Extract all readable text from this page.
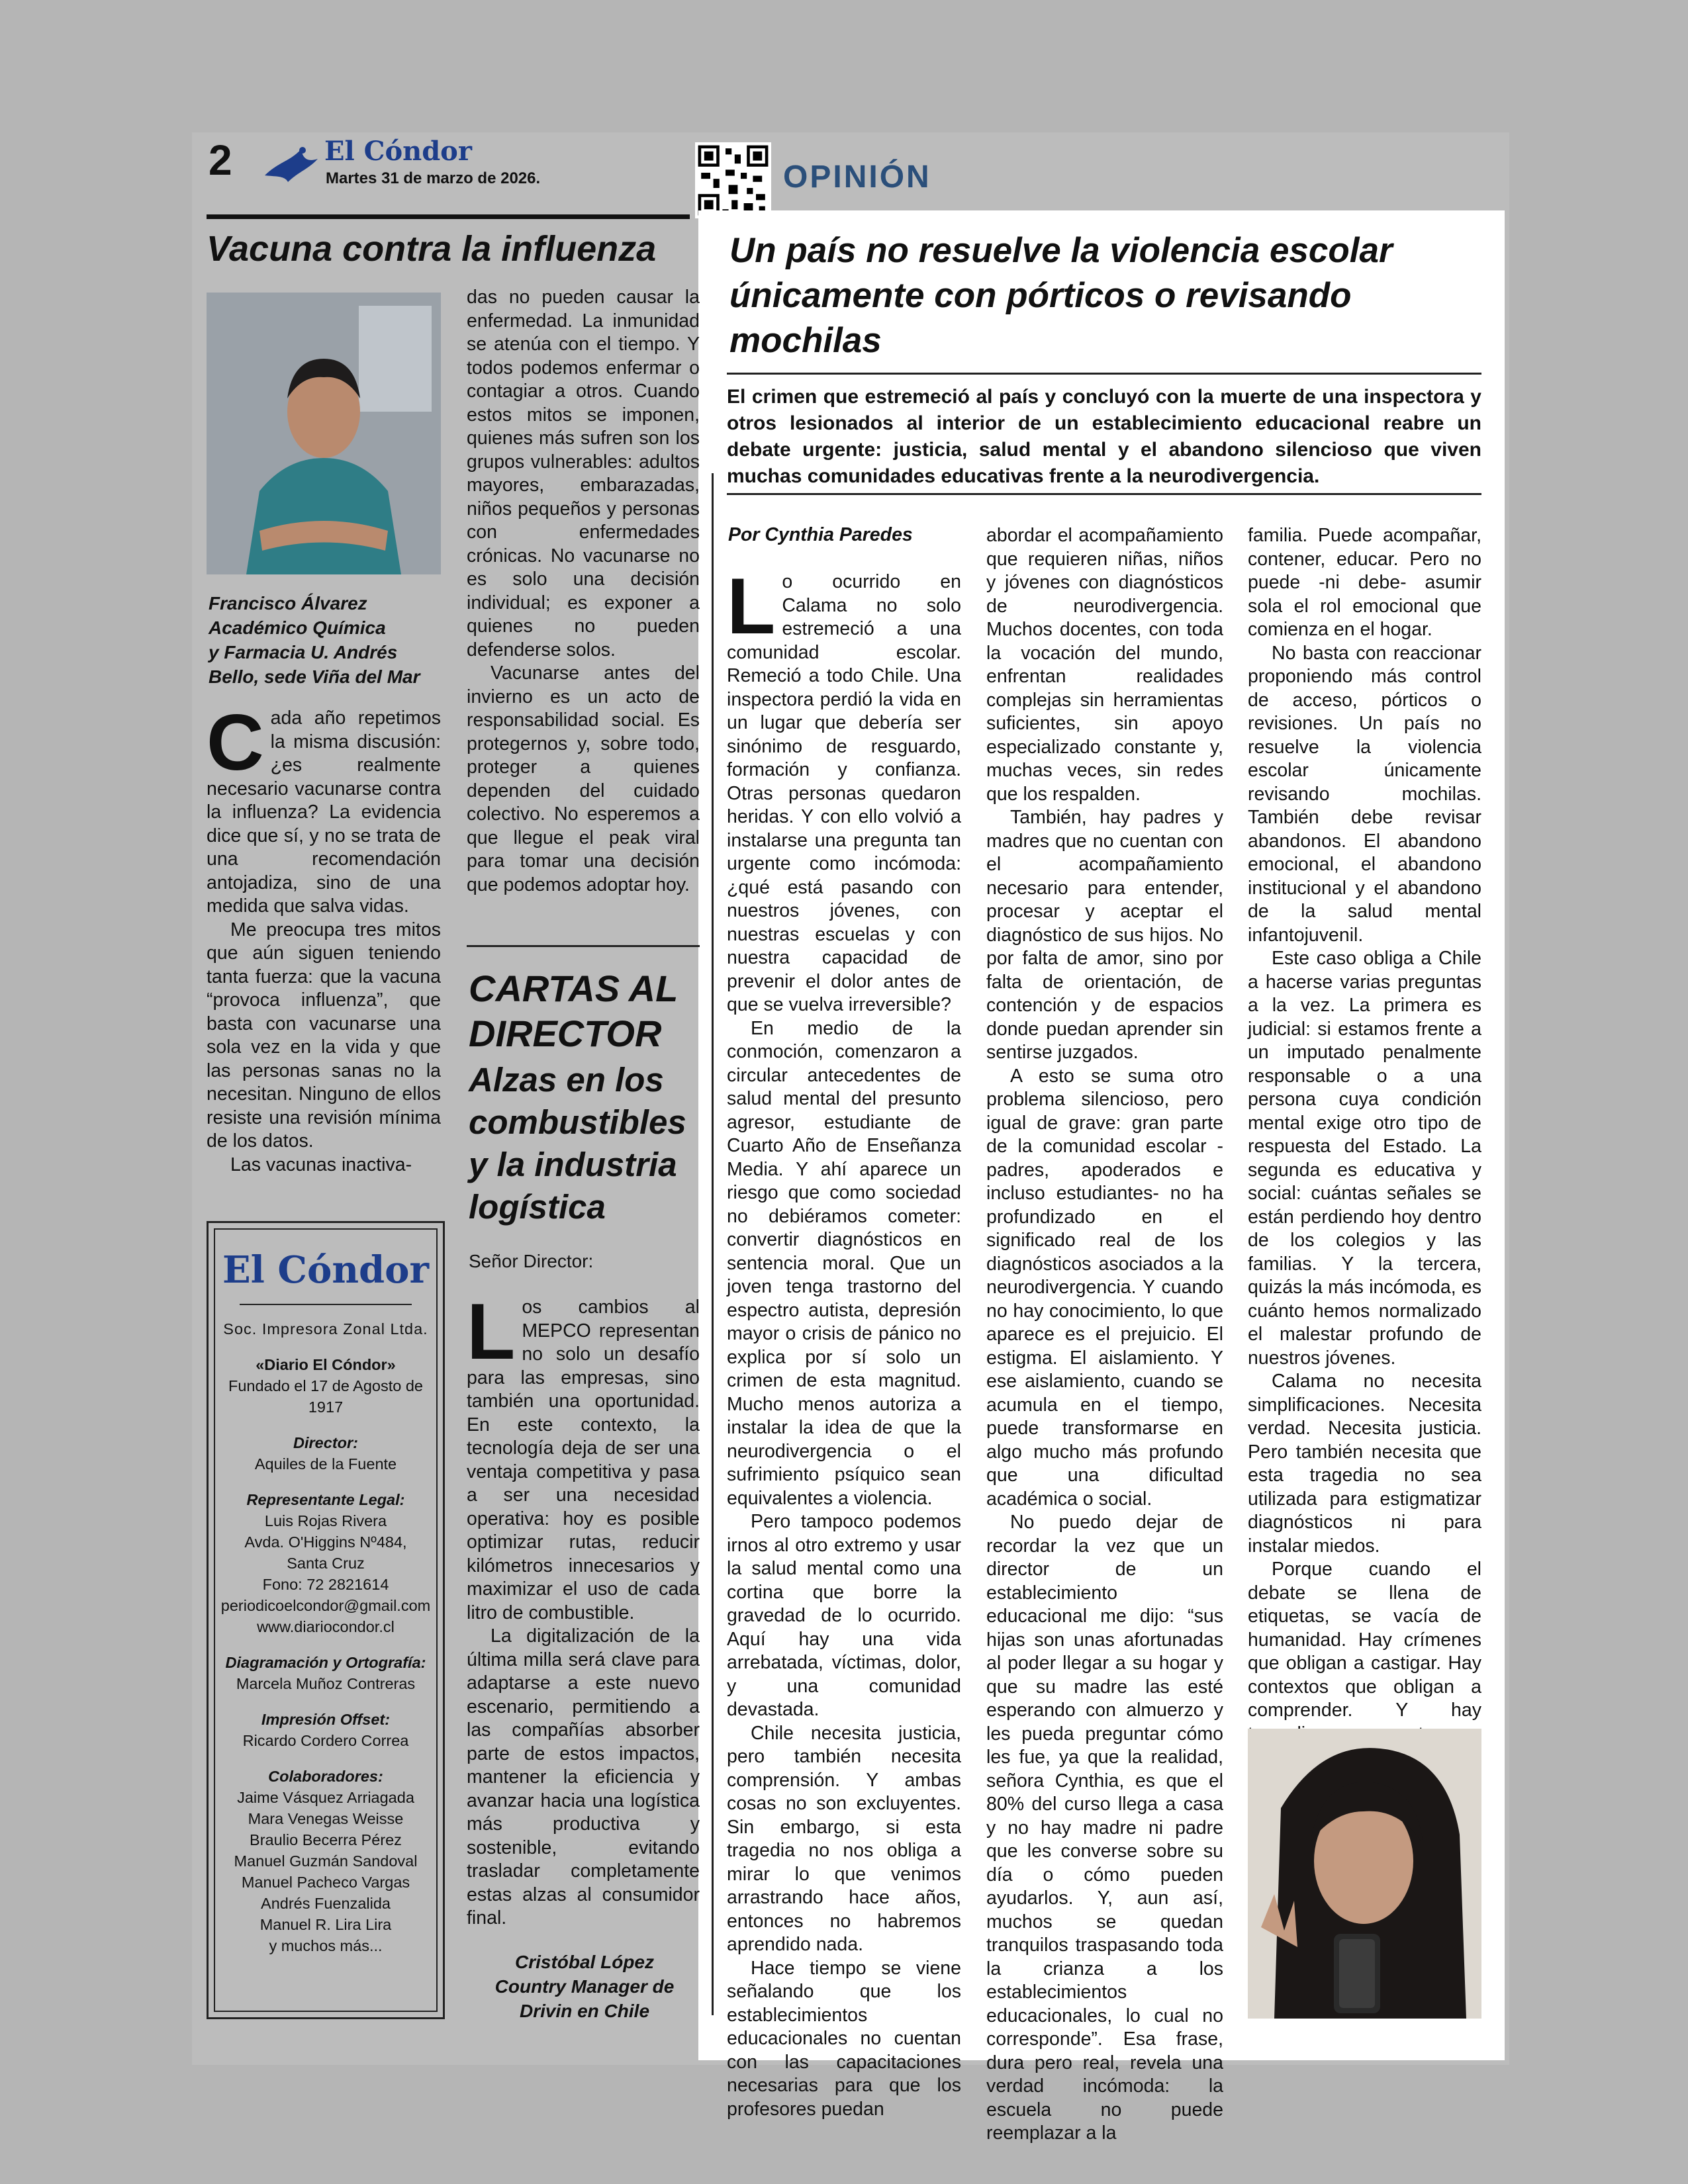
2	El Cóndor
Martes 31 de marzo de 2026.	OPINIÓN
Vacuna contra la influenza
Francisco Álvarez
Académico Química
y Farmacia U. Andrés
Bello, sede Viña del Mar

Cada año repetimos la misma discusión: ¿es realmente necesario vacunarse contra la influenza? La evidencia dice que sí, y no se trata de una recomendación antojadiza, sino de una medida que salva vidas.

Me preocupa tres mitos que aún siguen teniendo tanta fuerza: que la vacuna “provoca influenza”, que basta con vacunarse una sola vez en la vida y que las personas sanas no la necesitan. Ninguno de ellos resiste una revisión mínima de los datos.

Las vacunas inactiva-

das no pueden causar la enfermedad. La inmunidad se atenúa con el tiempo. Y todos podemos enfermar o contagiar a otros. Cuando estos mitos se imponen, quienes más sufren son los grupos vulnerables: adultos mayores, embarazadas, niños pequeños y personas con enfermedades crónicas. No vacunarse no es solo una decisión individual; es exponer a quienes no pueden defenderse solos.

Vacunarse antes del invierno es un acto de responsabilidad social. Es protegernos y, sobre todo, proteger a quienes dependen del cuidado colectivo. No esperemos a que llegue el peak viral para tomar una decisión que podemos adoptar hoy.

CARTAS AL DIRECTOR
Alzas en los combustibles y la industria logística
Señor Director:

Los cambios al MEPCO representan no solo un desafío para las empresas, sino también una oportunidad. En este contexto, la tecnología deja de ser una ventaja competitiva y pasa a ser una necesidad operativa: hoy es posible optimizar rutas, reducir kilómetros innecesarios y maximizar el uso de cada litro de combustible.

La digitalización de la última milla será clave para adaptarse a este nuevo escenario, permitiendo a las compañías absorber parte de estos impactos, mantener la eficiencia y avanzar hacia una logística más productiva y sostenible, evitando trasladar completamente estas alzas al consumidor final.

Cristóbal López
Country Manager de
Drivin en Chile
El Cóndor

Soc. Impresora Zonal Ltda.

«Diario El Cóndor»

Fundado el 17 de Agosto de 1917

Director:

Aquiles de la Fuente

Representante Legal:

Luis Rojas Rivera

Avda. O'Higgins Nº484,

Santa Cruz

Fono: 72 2821614

periodicoelcondor@gmail.com

www.diariocondor.cl

Diagramación y Ortografía:

Marcela Muñoz Contreras

Impresión Offset:

Ricardo Cordero Correa

Colaboradores:

Jaime Vásquez Arriagada

Mara Venegas Weisse

Braulio Becerra Pérez

Manuel Guzmán Sandoval

Manuel Pacheco Vargas

Andrés Fuenzalida

Manuel R. Lira Lira

y muchos más...

Un país no resuelve la violencia escolar únicamente con pórticos o revisando mochilas
El crimen que estremeció al país y concluyó con la muerte de una inspectora y otros lesionados al interior de un establecimiento educacional reabre un debate urgente: justicia, salud mental y el abandono silencioso que viven muchas comunidades educativas frente a la neurodivergencia.
Por Cynthia Paredes

Lo ocurrido en Calama no solo estremeció a una comunidad escolar. Remeció a todo Chile. Una inspectora perdió la vida en un lugar que debería ser sinónimo de resguardo, formación y confianza. Otras personas quedaron heridas. Y con ello volvió a instalarse una pregunta tan urgente como incómoda: ¿qué está pasando con nuestros jóvenes, con nuestras escuelas y con nuestra capacidad de prevenir el dolor antes de que se vuelva irreversible?

En medio de la conmoción, comenzaron a circular antecedentes de salud mental del presunto agresor, estudiante de Cuarto Año de Enseñanza Media. Y ahí aparece un riesgo que como sociedad no debiéramos cometer: convertir diagnósticos en sentencia moral. Que un joven tenga trastorno del espectro autista, depresión mayor o crisis de pánico no explica por sí solo un crimen de esta magnitud. Mucho menos autoriza a instalar la idea de que la neurodivergencia o el sufrimiento psíquico sean equivalentes a violencia.

Pero tampoco podemos irnos al otro extremo y usar la salud mental como una cortina que borre la gravedad de lo ocurrido. Aquí hay una vida arrebatada, víctimas, dolor, y una comunidad devastada.

Chile necesita justicia, pero también necesita comprensión. Y ambas cosas no son excluyentes. Sin embargo, si esta tragedia no nos obliga a mirar lo que venimos arrastrando hace años, entonces no habremos aprendido nada.

Hace tiempo se viene señalando que los establecimientos educacionales no cuentan con las capacitaciones necesarias para que los profesores puedan

abordar el acompañamiento que requieren niñas, niños y jóvenes con diagnósticos de neurodivergencia. Muchos docentes, con toda la vocación del mundo, enfrentan realidades complejas sin herramientas suficientes, sin apoyo especializado constante y, muchas veces, sin redes que los respalden.

También, hay padres y madres que no cuentan con el acompañamiento necesario para entender, procesar y aceptar el diagnóstico de sus hijos. No por falta de amor, sino por falta de orientación, de contención y de espacios donde puedan aprender sin sentirse juzgados.

A esto se suma otro problema silencioso, pero igual de grave: gran parte de la comunidad escolar -padres, apoderados e incluso estudiantes- no ha profundizado en el significado real de los diagnósticos asociados a la neurodivergencia. Y cuando no hay conocimiento, lo que aparece es el prejuicio. El estigma. El aislamiento. Y ese aislamiento, cuando se acumula en el tiempo, puede transformarse en algo mucho más profundo que una dificultad académica o social.

No puedo dejar de recordar la vez que un director de un establecimiento educacional me dijo: “sus hijas son unas afortunadas al poder llegar a su hogar y que su madre las esté esperando con almuerzo y les pueda preguntar cómo les fue, ya que la realidad, señora Cynthia, es que el 80% del curso llega a casa y no hay madre ni padre que les converse sobre su día o cómo pueden ayudarlos. Y, aun así, muchos se quedan tranquilos traspasando toda la crianza a los establecimientos educacionales, lo cual no corresponde”. Esa frase, dura pero real, revela una verdad incómoda: la escuela no puede reemplazar a la

familia. Puede acompañar, contener, educar. Pero no puede -ni debe- asumir sola el rol emocional que comienza en el hogar.

No basta con reaccionar proponiendo más control de acceso, pórticos o revisiones. Un país no resuelve la violencia escolar únicamente revisando mochilas. También debe revisar abandonos. El abandono emocional, el abandono institucional y el abandono de la salud mental infantojuvenil.

Este caso obliga a Chile a hacerse varias preguntas a la vez. La primera es judicial: si estamos frente a un imputado penalmente responsable o a una persona cuya condición mental exige otro tipo de respuesta del Estado. La segunda es educativa y social: cuántas señales se están perdiendo hoy dentro de los colegios y las familias. Y la tercera, quizás la más incómoda, es cuánto hemos normalizado el malestar profundo de nuestros jóvenes.

Calama no necesita simplificaciones. Necesita verdad. Necesita justicia. Pero también necesita que esta tragedia no sea utilizada para estigmatizar diagnósticos ni para instalar miedos.

Porque cuando el debate se llena de etiquetas, se vacía de humanidad. Hay crímenes que obligan a castigar. Hay contextos que obligan a comprender. Y hay
